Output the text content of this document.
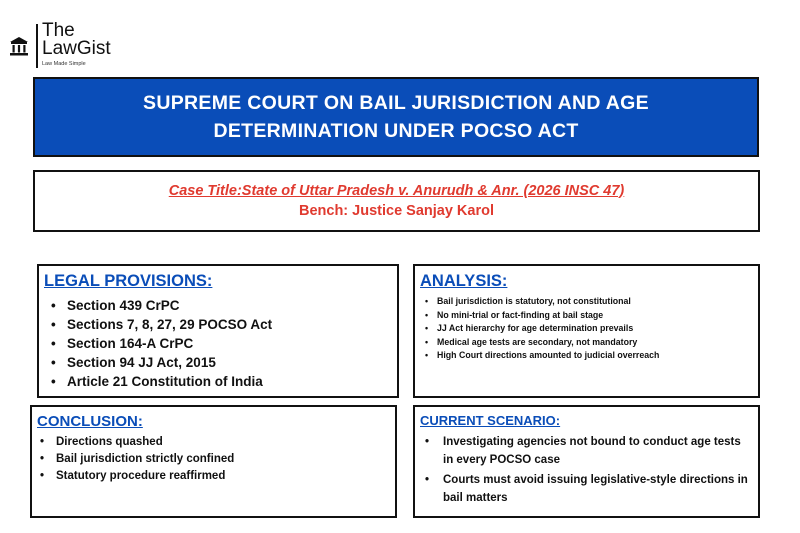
The
LawGist
Law Made Simple
SUPREME COURT ON BAIL JURISDICTION AND AGE DETERMINATION UNDER POCSO ACT
Case Title:State of Uttar Pradesh v. Anurudh & Anr. (2026 INSC 47)
Bench: Justice Sanjay Karol
LEGAL PROVISIONS:
• Section 439 CrPC
• Sections 7, 8, 27, 29 POCSO Act
• Section 164-A CrPC
• Section 94 JJ Act, 2015
• Article 21 Constitution of India
ANALYSIS:
• Bail jurisdiction is statutory, not constitutional
• No mini-trial or fact-finding at bail stage
• JJ Act hierarchy for age determination prevails
• Medical age tests are secondary, not mandatory
• High Court directions amounted to judicial overreach
CONCLUSION:
• Directions quashed
• Bail jurisdiction strictly confined
• Statutory procedure reaffirmed
CURRENT SCENARIO:
• Investigating agencies not bound to conduct age tests in every POCSO case
• Courts must avoid issuing legislative-style directions in bail matters
